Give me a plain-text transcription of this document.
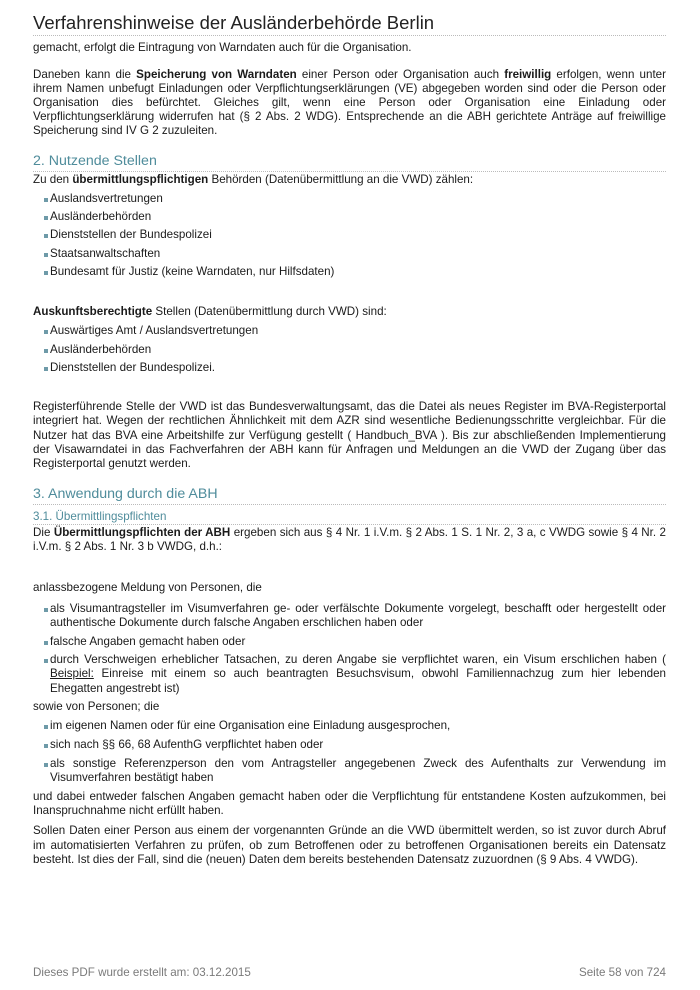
Verfahrenshinweise der Ausländerbehörde Berlin

gemacht, erfolgt die Eintragung von Warndaten auch für die Organisation.

Daneben kann die Speicherung von Warndaten einer Person oder Organisation auch freiwillig erfolgen, wenn unter ihrem Namen unbefugt Einladungen oder Verpflichtungserklärungen (VE) abgegeben worden sind oder die Person oder Organisation dies befürchtet. Gleiches gilt, wenn eine Person oder Organisation eine Einladung oder Verpflichtungserklärung widerrufen hat (§ 2 Abs. 2 WDG). Entsprechende an die ABH gerichtete Anträge auf freiwillige Speicherung sind IV G 2 zuzuleiten.

2. Nutzende Stellen

Zu den übermittlungspflichtigen Behörden (Datenübermittlung an die VWD) zählen:

Auslandsvertretungen
Ausländerbehörden
Dienststellen der Bundespolizei
Staatsanwaltschaften
Bundesamt für Justiz (keine Warndaten, nur Hilfsdaten)

Auskunftsberechtigte Stellen (Datenübermittlung durch VWD) sind:

Auswärtiges Amt / Auslandsvertretungen
Ausländerbehörden
Dienststellen der Bundespolizei.

Registerführende Stelle der VWD ist das Bundesverwaltungsamt, das die Datei als neues Register im BVA-Registerportal integriert hat. Wegen der rechtlichen Ähnlichkeit mit dem AZR sind wesentliche Bedienungsschritte vergleichbar. Für die Nutzer hat das BVA eine Arbeitshilfe zur Verfügung gestellt ( Handbuch_BVA ). Bis zur abschließenden Implementierung der Visawarndatei in das Fachverfahren der ABH kann für Anfragen und Meldungen an die VWD der Zugang über das Registerportal genutzt werden.

3. Anwendung durch die ABH
3.1. Übermittlingspflichten

Die Übermittlungspflichten der ABH ergeben sich aus § 4 Nr. 1 i.V.m. § 2 Abs. 1 S. 1 Nr. 2, 3 a, c VWDG sowie § 4 Nr. 2 i.V.m. § 2 Abs. 1 Nr. 3 b VWDG, d.h.:

anlassbezogene Meldung von Personen, die

als Visumantragsteller im Visumverfahren ge- oder verfälschte Dokumente vorgelegt, beschafft oder hergestellt oder authentische Dokumente durch falsche Angaben erschlichen haben oder
falsche Angaben gemacht haben oder
durch Verschweigen erheblicher Tatsachen, zu deren Angabe sie verpflichtet waren, ein Visum erschlichen haben ( Beispiel: Einreise mit einem so auch beantragten Besuchsvisum, obwohl Familiennachzug zum hier lebenden Ehegatten angestrebt ist)

sowie von Personen; die

im eigenen Namen oder für eine Organisation eine Einladung ausgesprochen,
sich nach §§ 66, 68 AufenthG verpflichtet haben oder
als sonstige Referenzperson den vom Antragsteller angegebenen Zweck des Aufenthalts zur Verwendung im Visumverfahren bestätigt haben

und dabei entweder falschen Angaben gemacht haben oder die Verpflichtung für entstandene Kosten aufzukommen, bei Inanspruchnahme nicht erfüllt haben.

Sollen Daten einer Person aus einem der vorgenannten Gründe an die VWD übermittelt werden, so ist zuvor durch Abruf im automatisierten Verfahren zu prüfen, ob zum Betroffenen oder zu betroffenen Organisationen bereits ein Datensatz besteht. Ist dies der Fall, sind die (neuen) Daten dem bereits bestehenden Datensatz zuzuordnen (§ 9 Abs. 4 VWDG).

Dieses PDF wurde erstellt am: 03.12.2015	Seite 58 von 724
